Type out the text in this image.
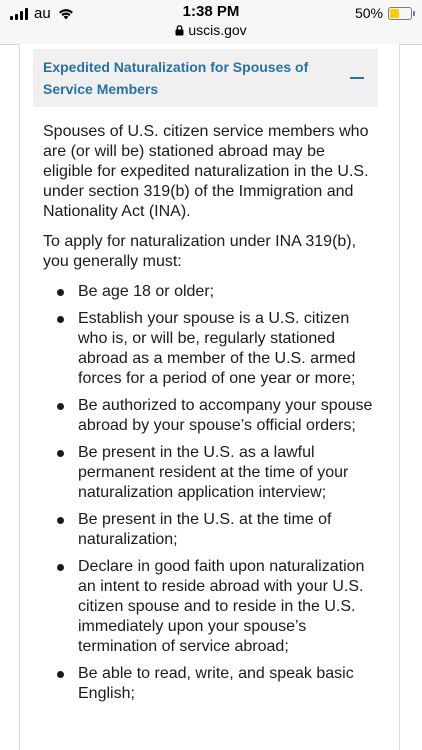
au	1:38 PM
uscis.gov
50%
Expedited Naturalization for Spouses of Service Members

Spouses of U.S. citizen service members who are (or will be) stationed abroad may be eligible for expedited naturalization in the U.S. under section 319(b) of the Immigration and Nationality Act (INA).

To apply for naturalization under INA 319(b), you generally must:

Be age 18 or older;
Establish your spouse is a U.S. citizen who is, or will be, regularly stationed abroad as a member of the U.S. armed forces for a period of one year or more;
Be authorized to accompany your spouse abroad by your spouse’s official orders;
Be present in the U.S. as a lawful permanent resident at the time of your naturalization application interview;
Be present in the U.S. at the time of naturalization;
Declare in good faith upon naturalization an intent to reside abroad with your U.S. citizen spouse and to reside in the U.S. immediately upon your spouse’s termination of service abroad;
Be able to read, write, and speak basic English;
